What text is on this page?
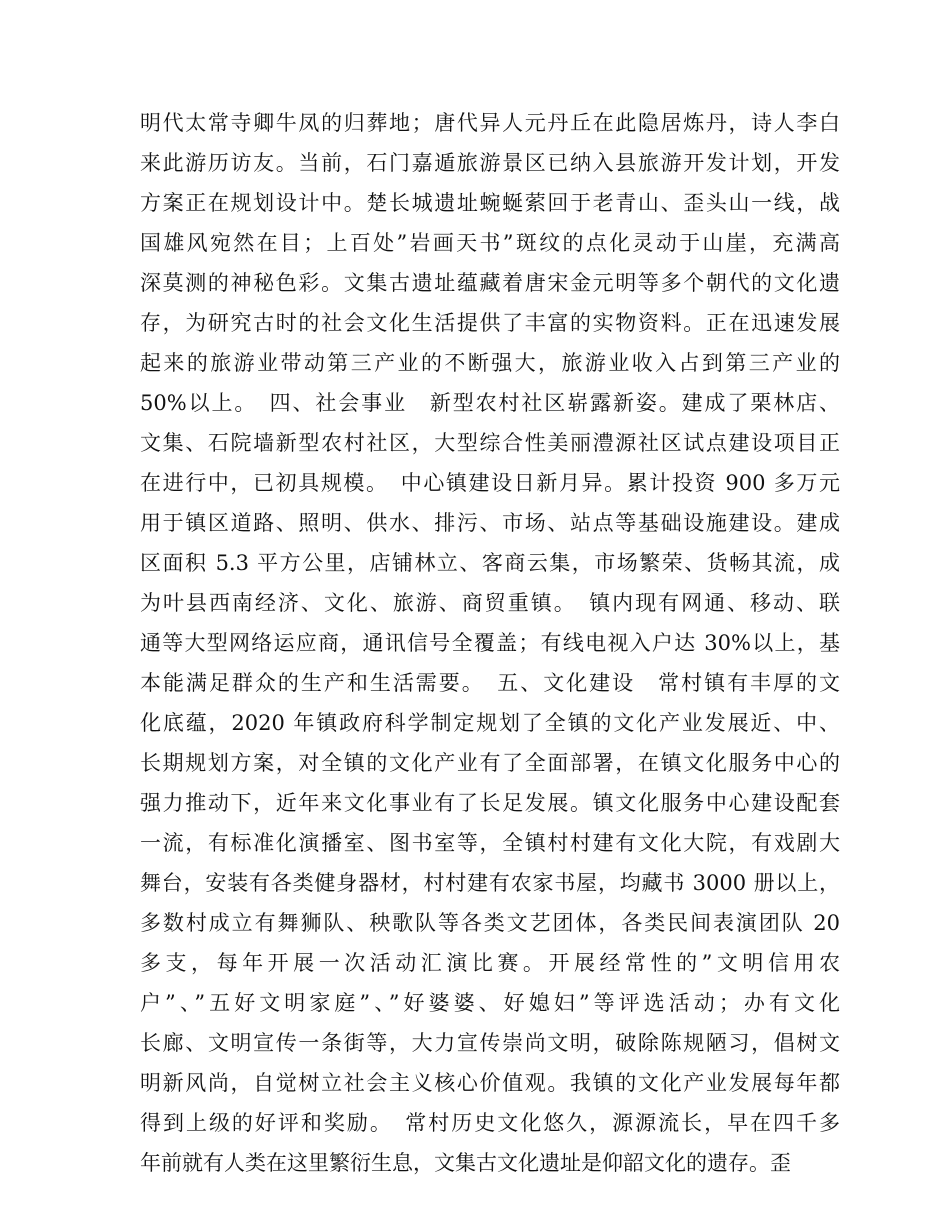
明代太常寺卿牛凤的归葬地；唐代异人元丹丘在此隐居炼丹，诗人李白
来此游历访友。当前，石门嘉遁旅游景区已纳入县旅游开发计划，开发
方案正在规划设计中。楚长城遗址蜿蜒萦回于老青山、歪头山一线，战
国雄风宛然在目；上百处”岩画天书”斑纹的点化灵动于山崖，充满高
深莫测的神秘色彩。文集古遗址蕴藏着唐宋金元明等多个朝代的文化遗
存，为研究古时的社会文化生活提供了丰富的实物资料。正在迅速发展
起来的旅游业带动第三产业的不断强大，旅游业收入占到第三产业的
50%以上。　四、社会事业　新型农村社区崭露新姿。建成了栗林店、
文集、石院墙新型农村社区，大型综合性美丽澧源社区试点建设项目正
在进行中，已初具规模。　中心镇建设日新月异。累计投资 900 多万元
用于镇区道路、照明、供水、排污、市场、站点等基础设施建设。建成
区面积 5.3 平方公里，店铺林立、客商云集，市场繁荣、货畅其流，成
为叶县西南经济、文化、旅游、商贸重镇。　镇内现有网通、移动、联
通等大型网络运应商，通讯信号全覆盖；有线电视入户达 30%以上，基
本能满足群众的生产和生活需要。　五、文化建设　常村镇有丰厚的文
化底蕴，2020 年镇政府科学制定规划了全镇的文化产业发展近、中、
长期规划方案，对全镇的文化产业有了全面部署，在镇文化服务中心的
强力推动下，近年来文化事业有了长足发展。镇文化服务中心建设配套
一流，有标准化演播室、图书室等，全镇村村建有文化大院，有戏剧大
舞台，安装有各类健身器材，村村建有农家书屋，均藏书 3000 册以上，
多数村成立有舞狮队、秧歌队等各类文艺团体，各类民间表演团队 20
多支，每年开展一次活动汇演比赛。开展经常性的”文明信用农
户”、”五好文明家庭”、”好婆婆、好媳妇”等评选活动；办有文化
长廊、文明宣传一条街等，大力宣传崇尚文明，破除陈规陋习，倡树文
明新风尚，自觉树立社会主义核心价值观。我镇的文化产业发展每年都
得到上级的好评和奖励。　常村历史文化悠久，源源流长，早在四千多
年前就有人类在这里繁衍生息，文集古文化遗址是仰韶文化的遗存。歪
